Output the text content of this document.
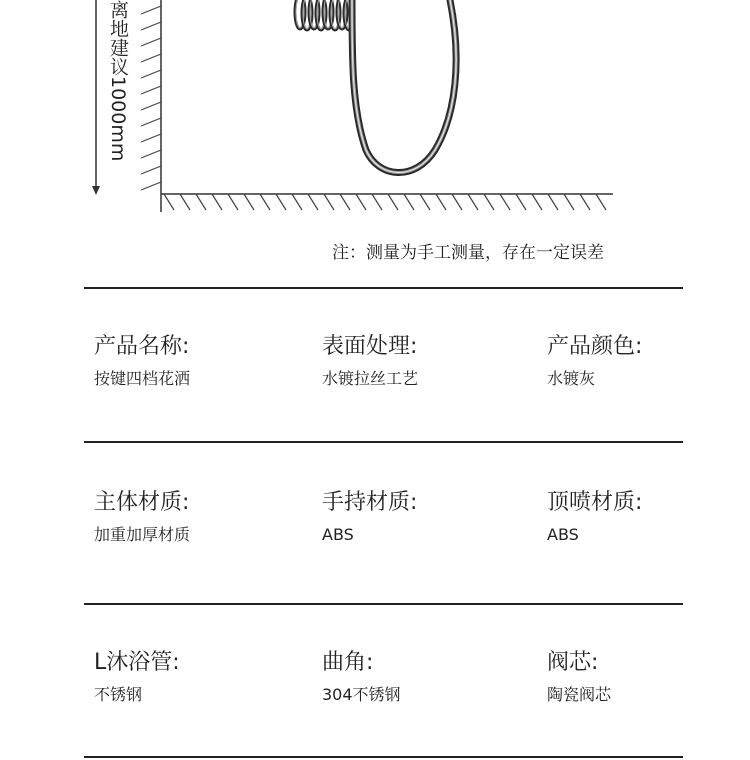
离地建议1000mm
注：测量为手工测量，存在一定误差
产品名称:
按键四档花洒
表面处理:
水镀拉丝工艺
产品颜色:
水镀灰
主体材质:
加重加厚材质
手持材质:
ABS
顶喷材质:
ABS
L沐浴管:
不锈钢
曲角:
304不锈钢
阀芯:
陶瓷阀芯
